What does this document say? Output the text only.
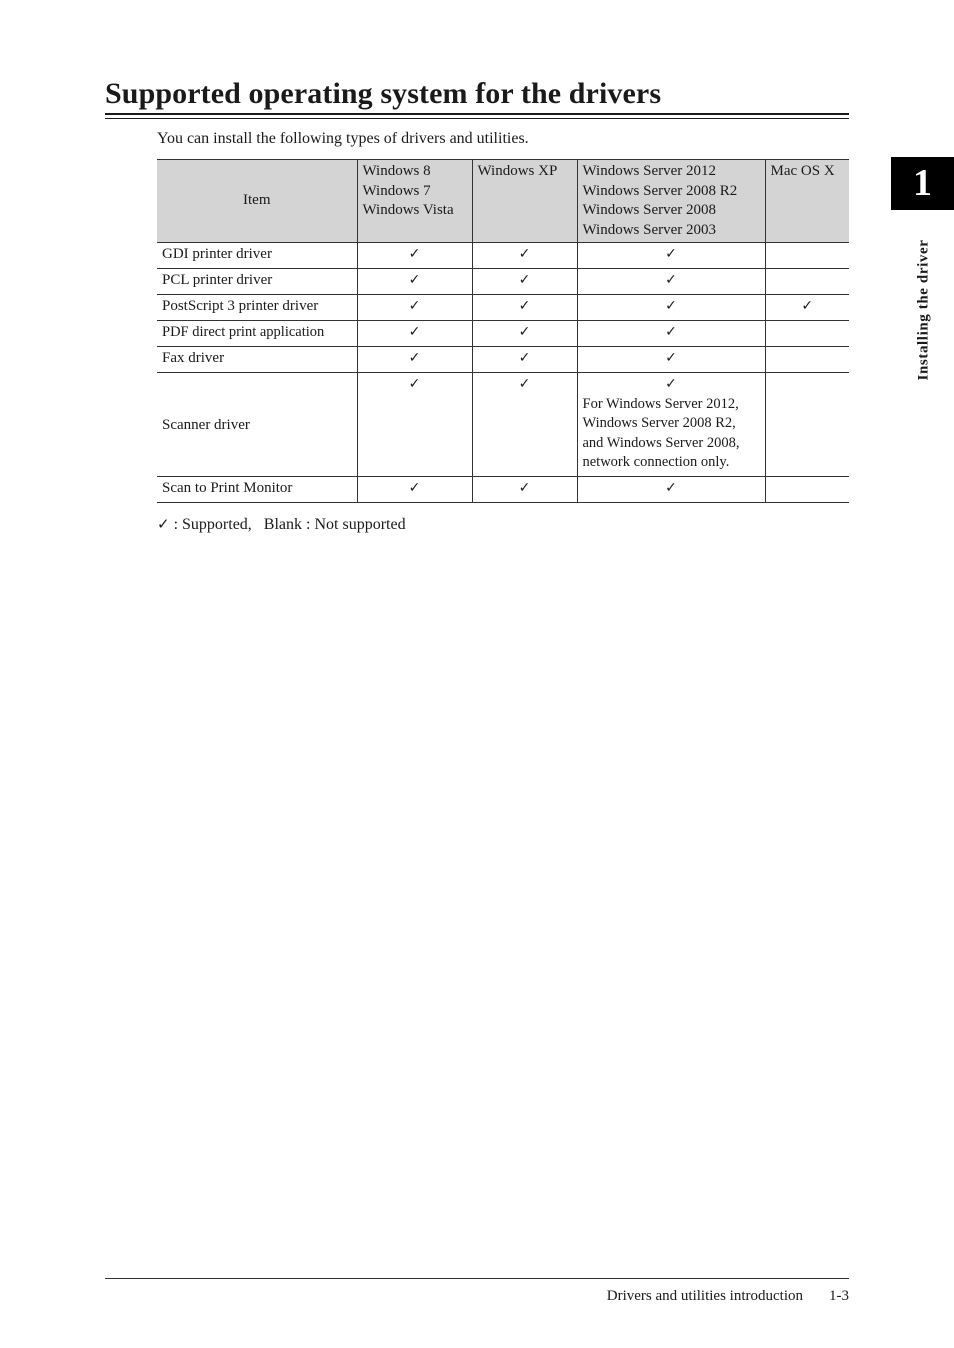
Supported operating system for the drivers

You can install the following types of drivers and utilities.

Item	Windows 8
Windows 7
Windows Vista	Windows XP	Windows Server 2012
Windows Server 2008 R2
Windows Server 2008
Windows Server 2003	Mac OS X
GDI printer driver	✓	✓	✓	
PCL printer driver	✓	✓	✓	
PostScript 3 printer driver	✓	✓	✓	✓
PDF direct print application	✓	✓	✓	
Fax driver	✓	✓	✓	
Scanner driver	✓	✓	✓
For Windows Server 2012,
Windows Server 2008 R2,
and Windows Server 2008,
network connection only.	

Scan to Print Monitor	✓	✓	✓	
✓ : Supported,   Blank : Not supported
1
Installing the driver
Drivers and utilities introduction 1-3
